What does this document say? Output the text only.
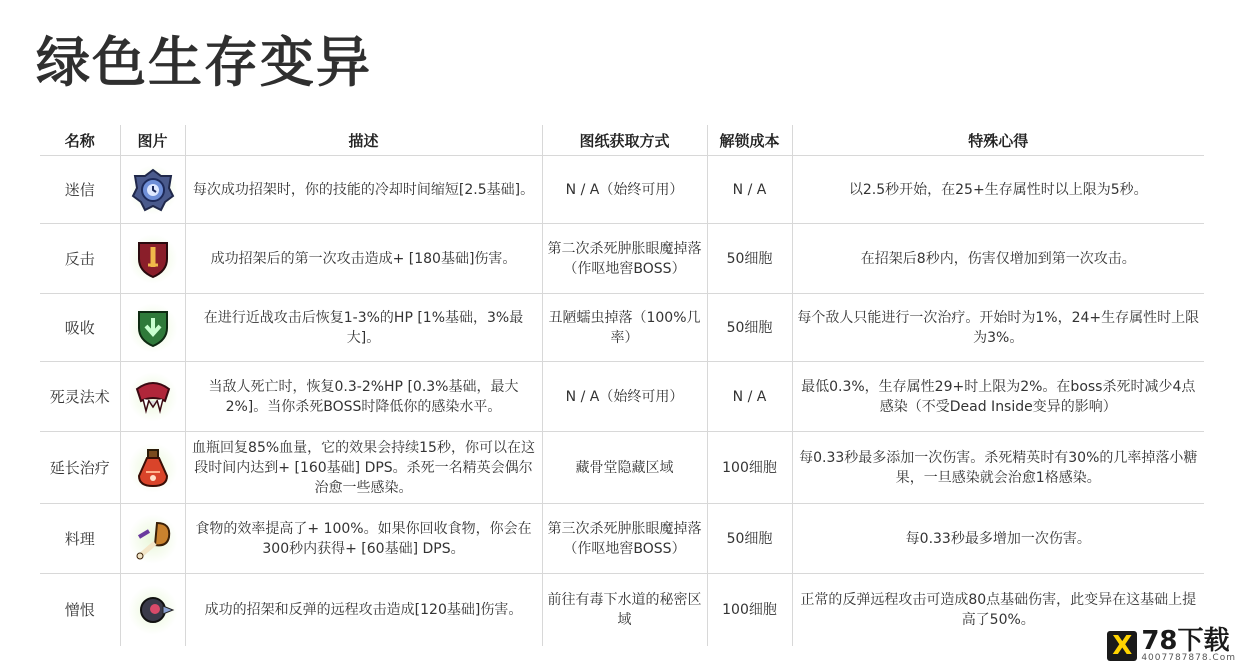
绿色生存变异
名称	图片	描述	图纸获取方式	解锁成本	特殊心得
迷信		每次成功招架时，你的技能的冷却时间缩短[2.5基础]。	N / A（始终可用）	N / A	以2.5秒开始，在25+生存属性时以上限为5秒。
反击		成功招架后的第一次攻击造成+ [180基础]伤害。	第二次杀死肿胀眼魔掉落（作呕地窖BOSS）	50细胞	在招架后8秒内，伤害仅增加到第一次攻击。
吸收		在进行近战攻击后恢复1-3%的HP [1%基础，3%最大]。	丑陋蠕虫掉落（100%几率）	50细胞	每个敌人只能进行一次治疗。开始时为1%，24+生存属性时上限为3%。
死灵法术		当敌人死亡时，恢复0.3-2%HP [0.3%基础，最大2%]。当你杀死BOSS时降低你的感染水平。	N / A（始终可用）	N / A	最低0.3%，生存属性29+时上限为2%。在boss杀死时减少4点感染（不受Dead Inside变异的影响）
延长治疗		血瓶回复85%血量，它的效果会持续15秒，你可以在这段时间内达到+ [160基础] DPS。杀死一名精英会偶尔治愈一些感染。	藏骨堂隐藏区域	100细胞	每0.33秒最多添加一次伤害。杀死精英时有30%的几率掉落小糖果，一旦感染就会治愈1格感染。
料理		食物的效率提高了+ 100%。如果你回收食物，你会在300秒内获得+ [60基础] DPS。	第三次杀死肿胀眼魔掉落（作呕地窖BOSS）	50细胞	每0.33秒最多增加一次伤害。
憎恨		成功的招架和反弹的远程攻击造成[120基础]伤害。	前往有毒下水道的秘密区域	100细胞	正常的反弹远程攻击可造成80点基础伤害，此变异在这基础上提高了50%。
X 78下载
4007787878.Com
